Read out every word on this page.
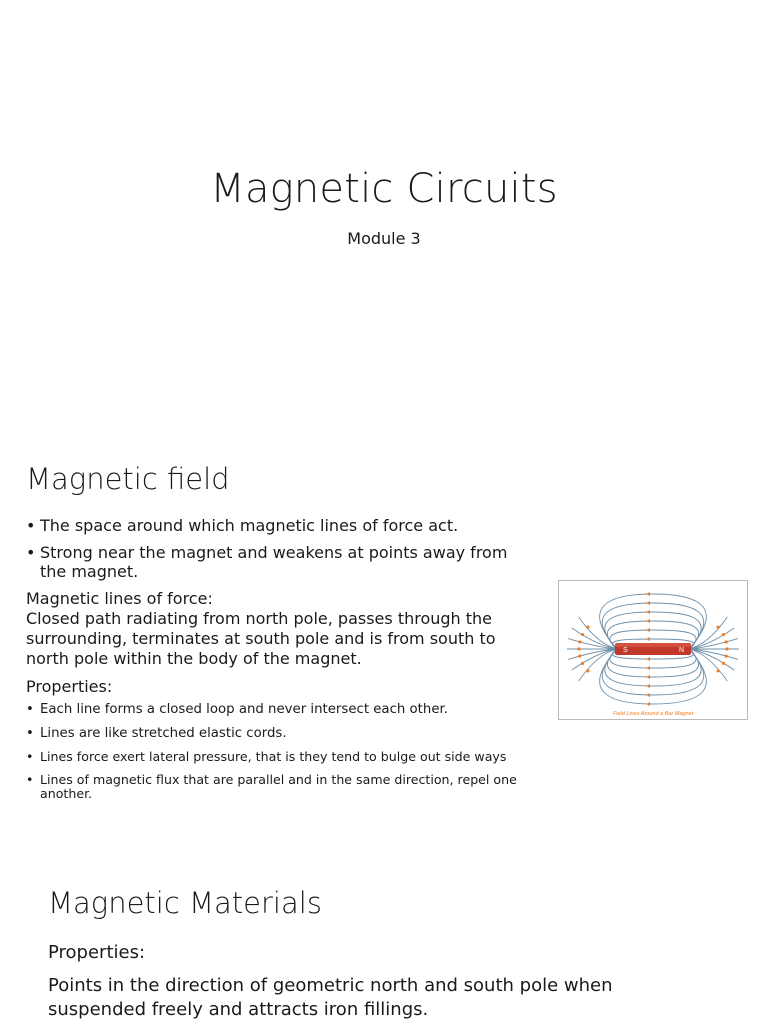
Magnetic Circuits
Module 3
Magnetic field
• The space around which magnetic lines of force act.
• Strong near the magnet and weakens at points away from the magnet.
Magnetic lines of force:
Closed path radiating from north pole, passes through the surrounding, terminates at south pole and is from south to north pole within the body of the magnet.
Properties:
• Each line forms a closed loop and never intersect each other.
• Lines are like stretched elastic cords.
• Lines force exert lateral pressure, that is they tend to bulge out side ways
• Lines of magnetic flux that are parallel and in the same direction, repel one another.
S	N
Field Lines Around a Bar Magnet
Magnetic Materials
Properties:
Points in the direction of geometric north and south pole when suspended freely and attracts iron fillings.
